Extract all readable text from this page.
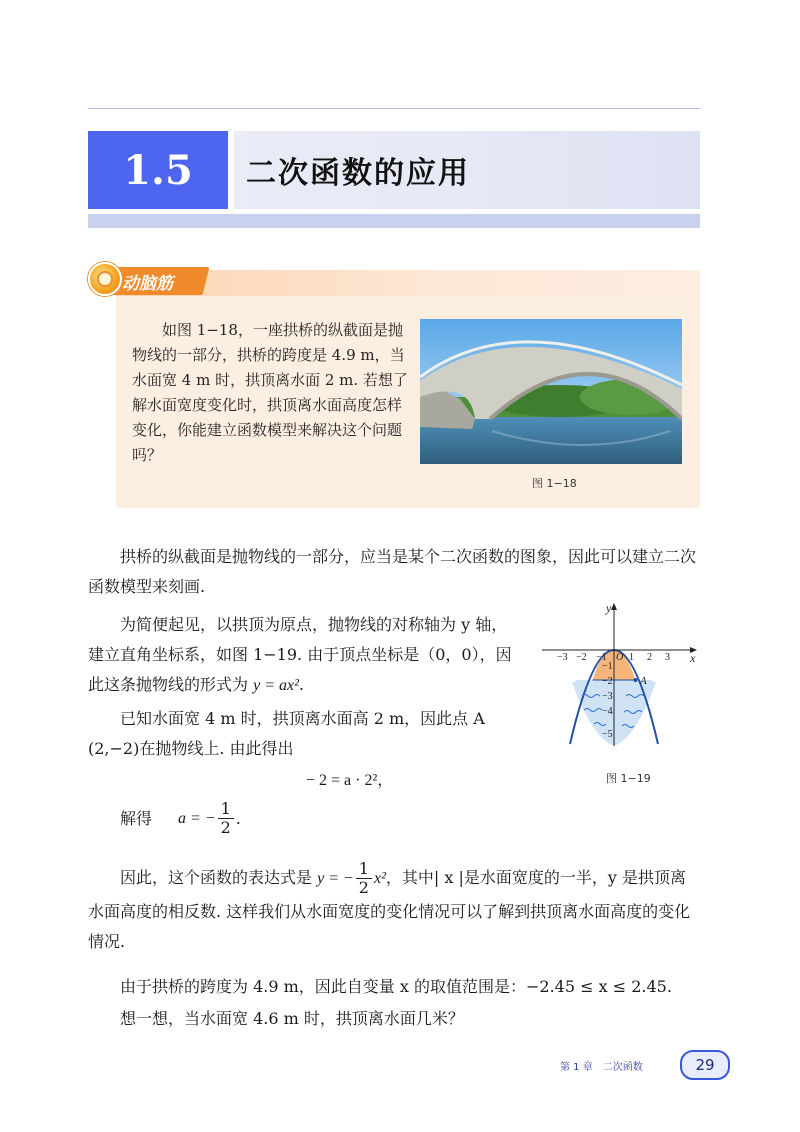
1.5	二次函数的应用
动脑筋
如图 1−18，一座拱桥的纵截面是抛物线的一部分，拱桥的跨度是 4.9 m，当水面宽 4 m 时，拱顶离水面 2 m. 若想了解水面宽度变化时，拱顶离水面高度怎样变化，你能建立函数模型来解决这个问题吗？
图 1−18
拱桥的纵截面是抛物线的一部分，应当是某个二次函数的图象，因此可以建立二次函数模型来刻画.
为简便起见，以拱顶为原点，抛物线的对称轴为 y 轴，建立直角坐标系，如图 1−19. 由于顶点坐标是（0，0），因此这条抛物线的形式为 y = ax².
已知水面宽 4 m 时，拱顶离水面高 2 m，因此点 A (2,−2)在抛物线上. 由此得出
− 2 = a · 2²，
解得 a = − $\frac{1}{2}$ .
因此，这个函数的表达式是 y = − $\frac{1}{2} x^2$，其中| x |是水面宽度的一半，y 是拱顶离水面高度的相反数. 这样我们从水面宽度的变化情况可以了解到拱顶离水面高度的变化情况.
由于拱桥的跨度为 4.9 m，因此自变量 x 的取值范围是：−2.45 ≤ x ≤ 2.45.
想一想，当水面宽 4.6 m 时，拱顶离水面几米？
y
x
O
A
−3 −2 −1 1 2 3
−1
−2
−3
−4
−5
图 1−19
第 1 章　二次函数	29
